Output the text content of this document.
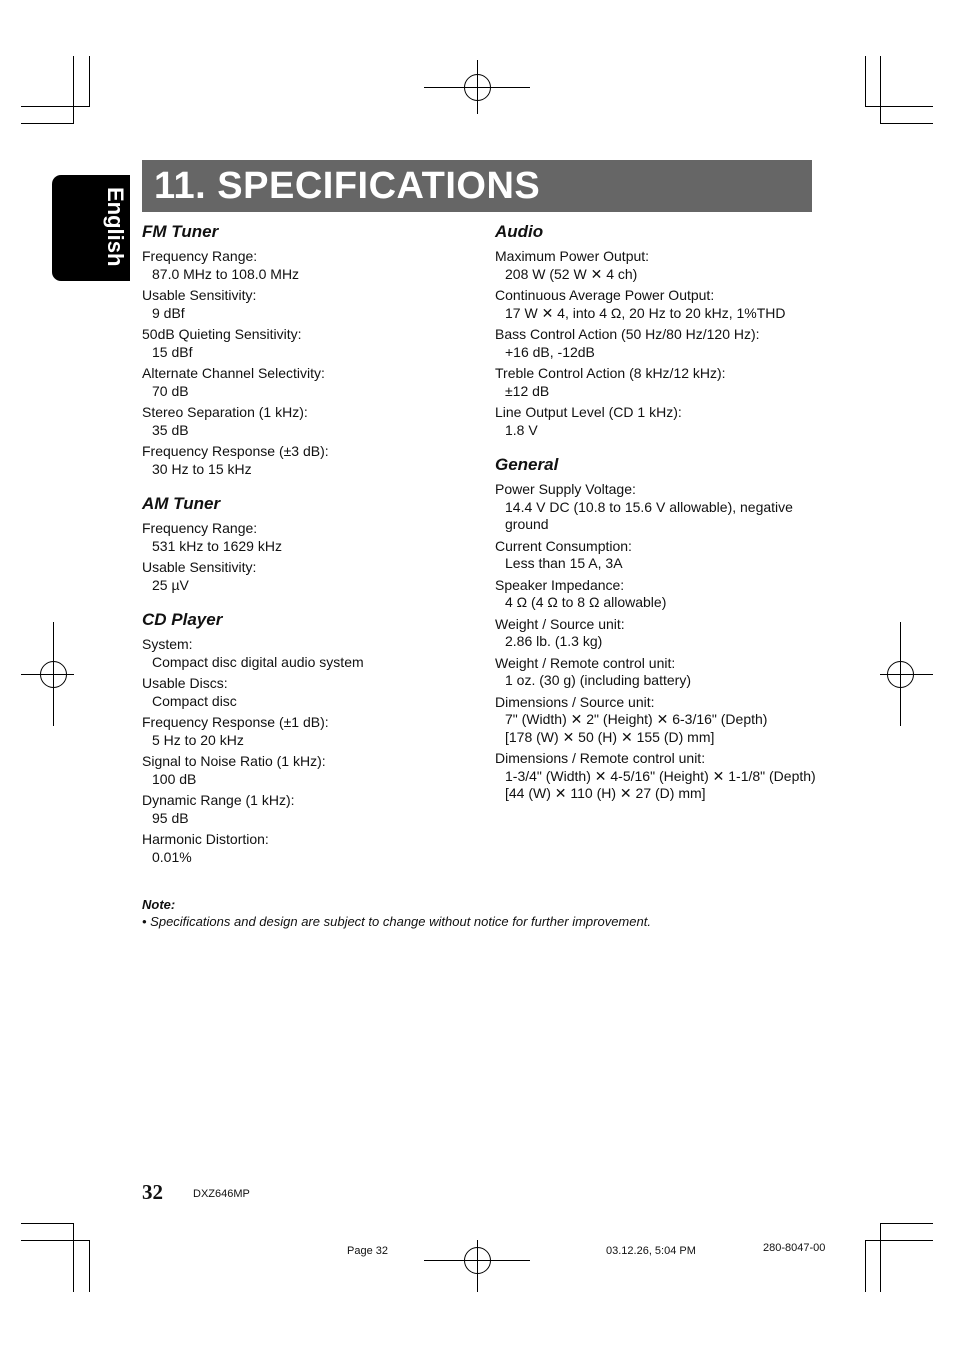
English
11. SPECIFICATIONS
FM Tuner
Frequency Range:
87.0 MHz to 108.0 MHz
Usable Sensitivity:
9 dBf
50dB Quieting Sensitivity:
15 dBf
Alternate Channel Selectivity:
70 dB
Stereo Separation (1 kHz):
35 dB
Frequency Response (±3 dB):
30 Hz to 15 kHz
AM Tuner
Frequency Range:
531 kHz to 1629 kHz
Usable Sensitivity:
25 µV
CD Player
System:
Compact disc digital audio system
Usable Discs:
Compact disc
Frequency Response (±1 dB):
5 Hz to 20 kHz
Signal to Noise Ratio (1 kHz):
100 dB
Dynamic Range (1 kHz):
95 dB
Harmonic Distortion:
0.01%
Audio
Maximum Power Output:
208 W (52 W ✕ 4 ch)
Continuous Average Power Output:
17 W ✕ 4, into 4 Ω, 20 Hz to 20 kHz, 1%THD
Bass Control Action (50 Hz/80 Hz/120 Hz):
+16 dB, -12dB
Treble Control Action (8 kHz/12 kHz):
±12 dB
Line Output Level (CD 1 kHz):
1.8 V
General
Power Supply Voltage:
14.4 V DC (10.8 to 15.6 V allowable), negative ground
Current Consumption:
Less than 15 A, 3A
Speaker Impedance:
4 Ω (4 Ω to 8 Ω allowable)
Weight / Source unit:
2.86 lb. (1.3 kg)
Weight / Remote control unit:
1 oz. (30 g) (including battery)
Dimensions / Source unit:
7" (Width) ✕ 2" (Height) ✕ 6-3/16" (Depth)
[178 (W) ✕ 50 (H) ✕ 155 (D) mm]
Dimensions / Remote control unit:
1-3/4" (Width) ✕ 4-5/16" (Height) ✕ 1-1/8" (Depth)
[44 (W) ✕ 110 (H) ✕ 27 (D) mm]
Note:
• Specifications and design are subject to change without notice for further improvement.
32	DXZ646MP
Page 32	03.12.26, 5:04 PM	280-8047-00
